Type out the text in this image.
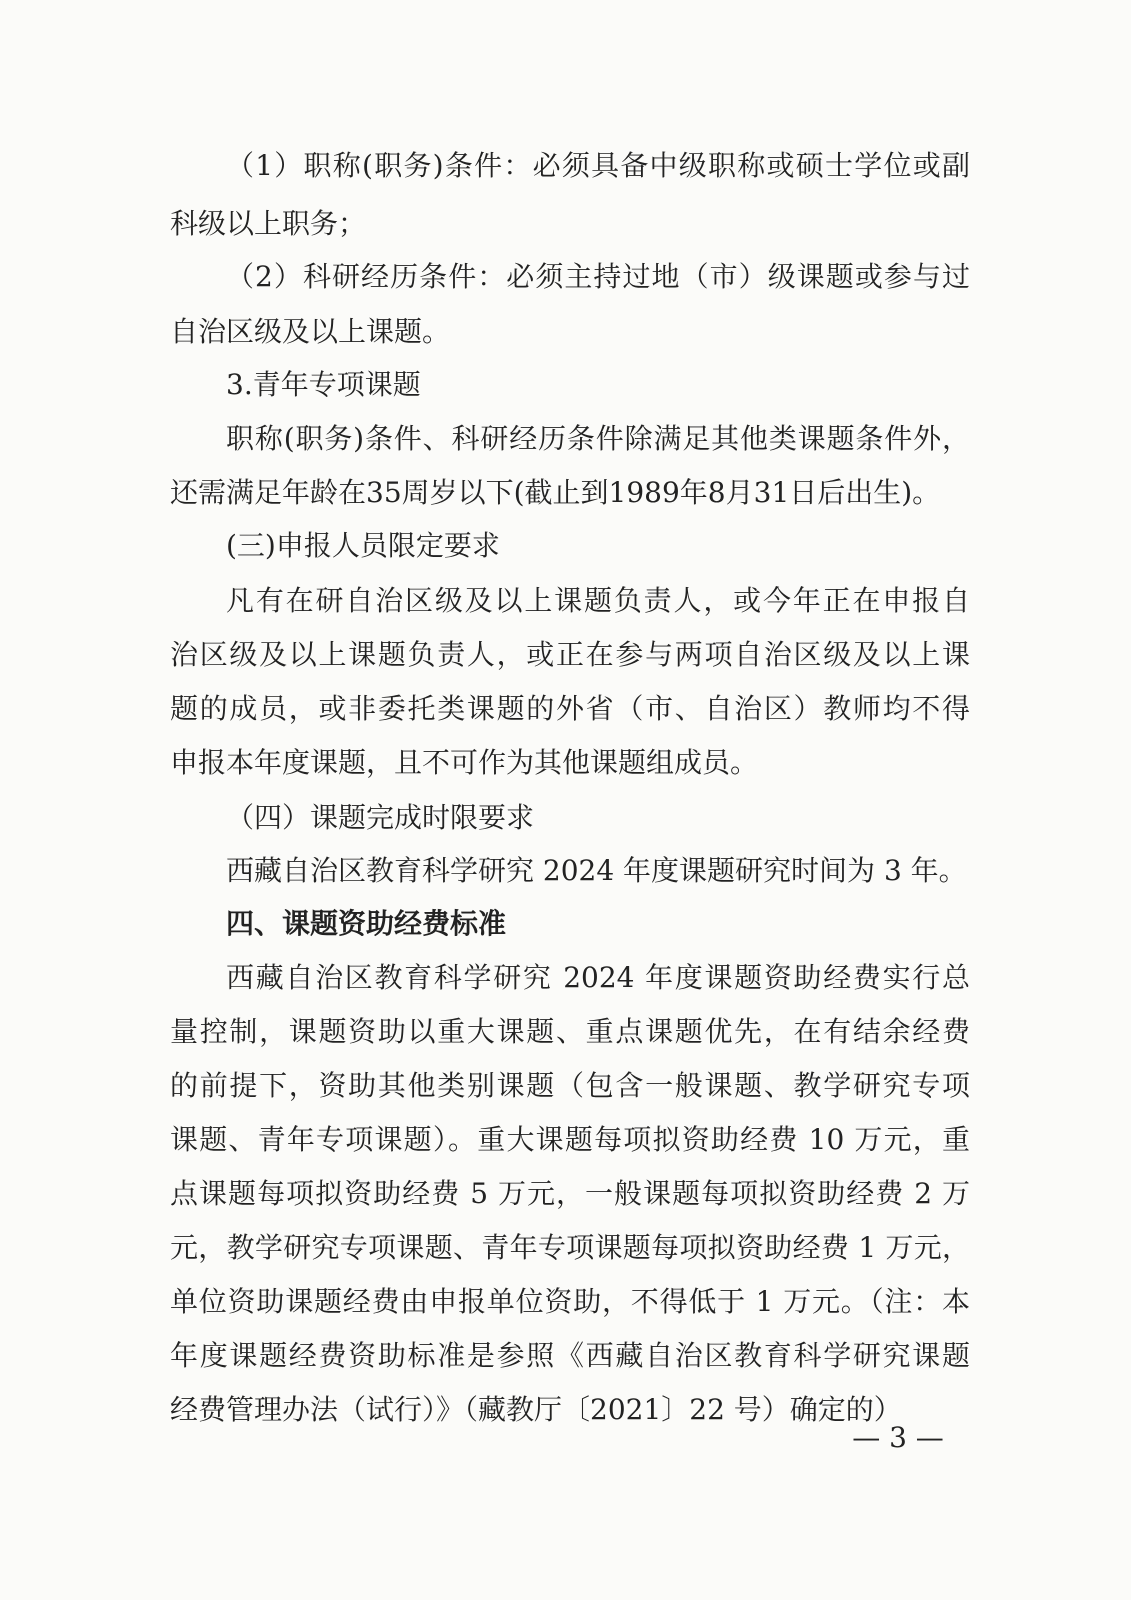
（1）职称(职务)条件：必须具备中级职称或硕士学位或副
科级以上职务；
（2）科研经历条件：必须主持过地（市）级课题或参与过
自治区级及以上课题。
3.青年专项课题
职称(职务)条件、科研经历条件除满足其他类课题条件外，
还需满足年龄在35周岁以下(截止到1989年8月31日后出生)。
(三)申报人员限定要求
凡有在研自治区级及以上课题负责人，或今年正在申报自
治区级及以上课题负责人，或正在参与两项自治区级及以上课
题的成员，或非委托类课题的外省（市、自治区）教师均不得
申报本年度课题，且不可作为其他课题组成员。
（四）课题完成时限要求
西藏自治区教育科学研究 2024 年度课题研究时间为 3 年。
四、课题资助经费标准
西藏自治区教育科学研究 2024 年度课题资助经费实行总
量控制，课题资助以重大课题、重点课题优先，在有结余经费
的前提下，资助其他类别课题（包含一般课题、教学研究专项
课题、青年专项课题）。重大课题每项拟资助经费 10 万元，重
点课题每项拟资助经费 5 万元，一般课题每项拟资助经费 2 万
元，教学研究专项课题、青年专项课题每项拟资助经费 1 万元，
单位资助课题经费由申报单位资助，不得低于 1 万元。（注：本
年度课题经费资助标准是参照《西藏自治区教育科学研究课题
经费管理办法（试行）》（藏教厅〔2021〕22 号）确定的）
— 3 —
